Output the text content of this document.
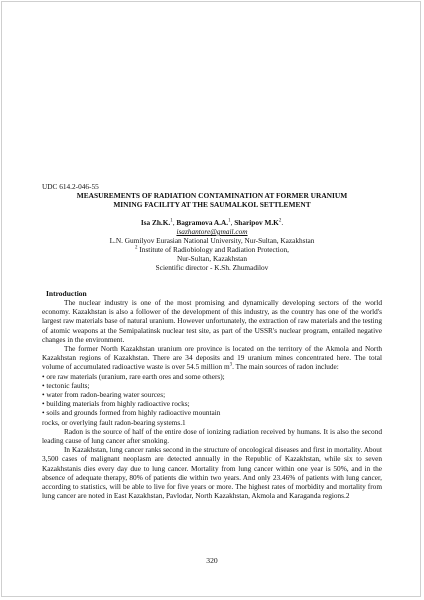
UDC 614.2-046-55

MEASUREMENTS OF RADIATION CONTAMINATION AT FORMER URANIUM

MINING FACILITY AT THE SAUMALKOL SETTLEMENT

Isa Zh.K.$^1$, Bagramova A.A.$^1$, Sharipov $M.K^2$.

isazhantore@gmail.com

L.N. Gumilyov Eurasian National University, Nur-Sultan, Kazakhstan

$^2$ Institute of Radiobiology and Radiation Protection,

Nur-Sultan, Kazakhstan

Scientific director - K.Sh. Zhumadilov

Introduction

The nuclear industry is one of the most promising and dynamically developing sectors of the world economy. Kazakhstan is also a follower of the development of this industry, as the country has one of the world's largest raw materials base of natural uranium. However unfortunately, the extraction of raw materials and the testing of atomic weapons at the Semipalatinsk nuclear test site, as part of the USSR's nuclear program, entailed negative changes in the environment.

The former North Kazakhstan uranium ore province is located on the territory of the Akmola and North Kazakhstan regions of Kazakhstan. There are 34 deposits and 19 uranium mines concentrated here. The total volume of accumulated radioactive waste is over 54.5 million $m^3$. The main sources of radon include:

• ore raw materials (uranium, rare earth ores and some others);

• tectonic faults;

• water from radon-bearing water sources;

• building materials from highly radioactive rocks;

• soils and grounds formed from highly radioactive mountain

rocks, or overlying fault radon-bearing systems.1

Radon is the source of half of the entire dose of ionizing radiation received by humans. It is also the second leading cause of lung cancer after smoking.

In Kazakhstan, lung cancer ranks second in the structure of oncological diseases and first in mortality. About 3,500 cases of malignant neoplasm are detected annually in the Republic of Kazakhstan, while six to seven Kazakhstanis dies every day due to lung cancer. Mortality from lung cancer within one year is 50%, and in the absence of adequate therapy, 80% of patients die within two years. And only 23.46% of patients with lung cancer, according to statistics, will be able to live for five years or more. The highest rates of morbidity and mortality from lung cancer are noted in East Kazakhstan, Pavlodar, North Kazakhstan, Akmola and Karaganda regions.2

320
